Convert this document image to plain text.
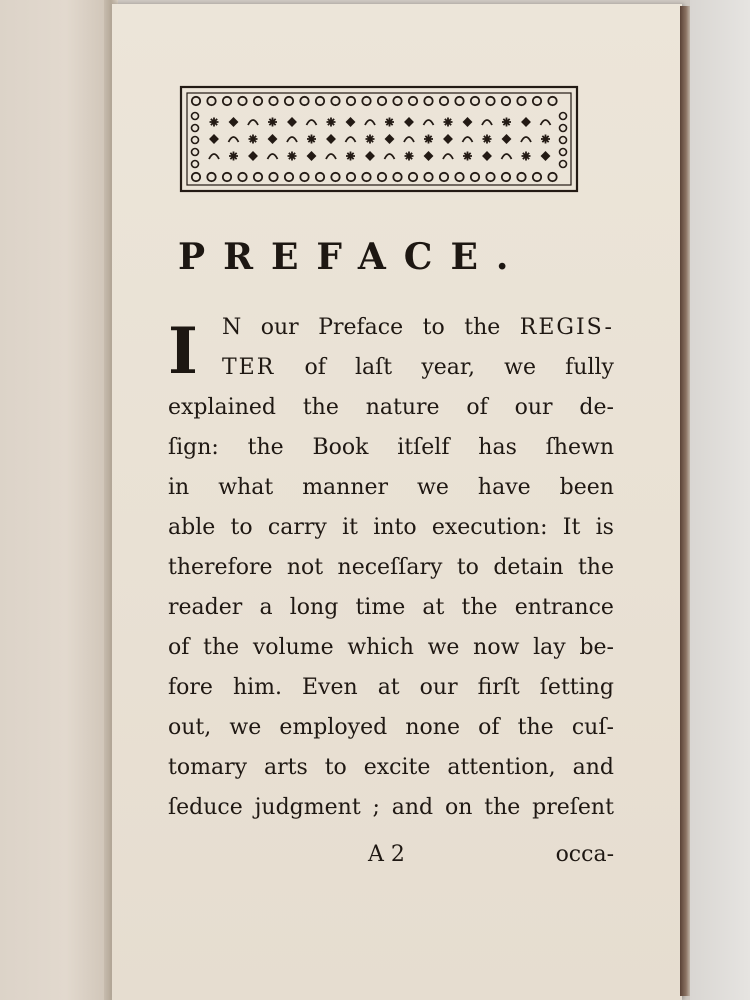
PREFACE.
I N our Preface to the REGIS-
TER of laſt year, we fully
explained the nature of our de-
ſign: the Book itſelf has ſhewn
in what manner we have been
able to carry it into execution: It is
therefore not neceſſary to detain the
reader a long time at the entrance
of the volume which we now lay be-
fore him. Even at our firſt ſetting
out, we employed none of the cuſ-
tomary arts to excite attention, and
ſeduce judgment ; and on the preſent
A 2	occa-
